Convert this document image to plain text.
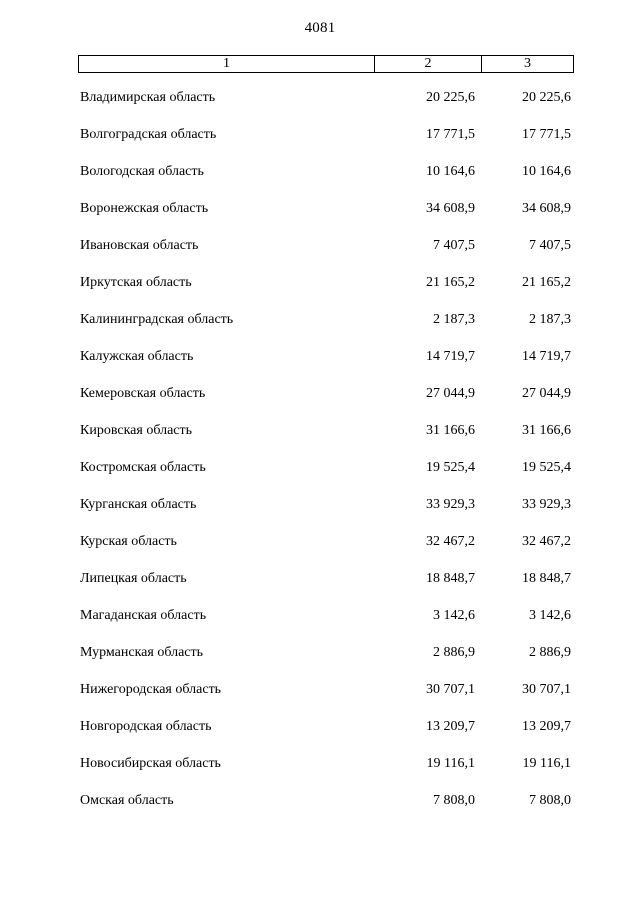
4081
1	2	3
Владимирская область	20 225,6	20 225,6
Волгоградская область	17 771,5	17 771,5
Вологодская область	10 164,6	10 164,6
Воронежская область	34 608,9	34 608,9
Ивановская область	7 407,5	7 407,5
Иркутская область	21 165,2	21 165,2
Калининградская область	2 187,3	2 187,3
Калужская область	14 719,7	14 719,7
Кемеровская область	27 044,9	27 044,9
Кировская область	31 166,6	31 166,6
Костромская область	19 525,4	19 525,4
Курганская область	33 929,3	33 929,3
Курская область	32 467,2	32 467,2
Липецкая область	18 848,7	18 848,7
Магаданская область	3 142,6	3 142,6
Мурманская область	2 886,9	2 886,9
Нижегородская область	30 707,1	30 707,1
Новгородская область	13 209,7	13 209,7
Новосибирская область	19 116,1	19 116,1
Омская область	7 808,0	7 808,0
